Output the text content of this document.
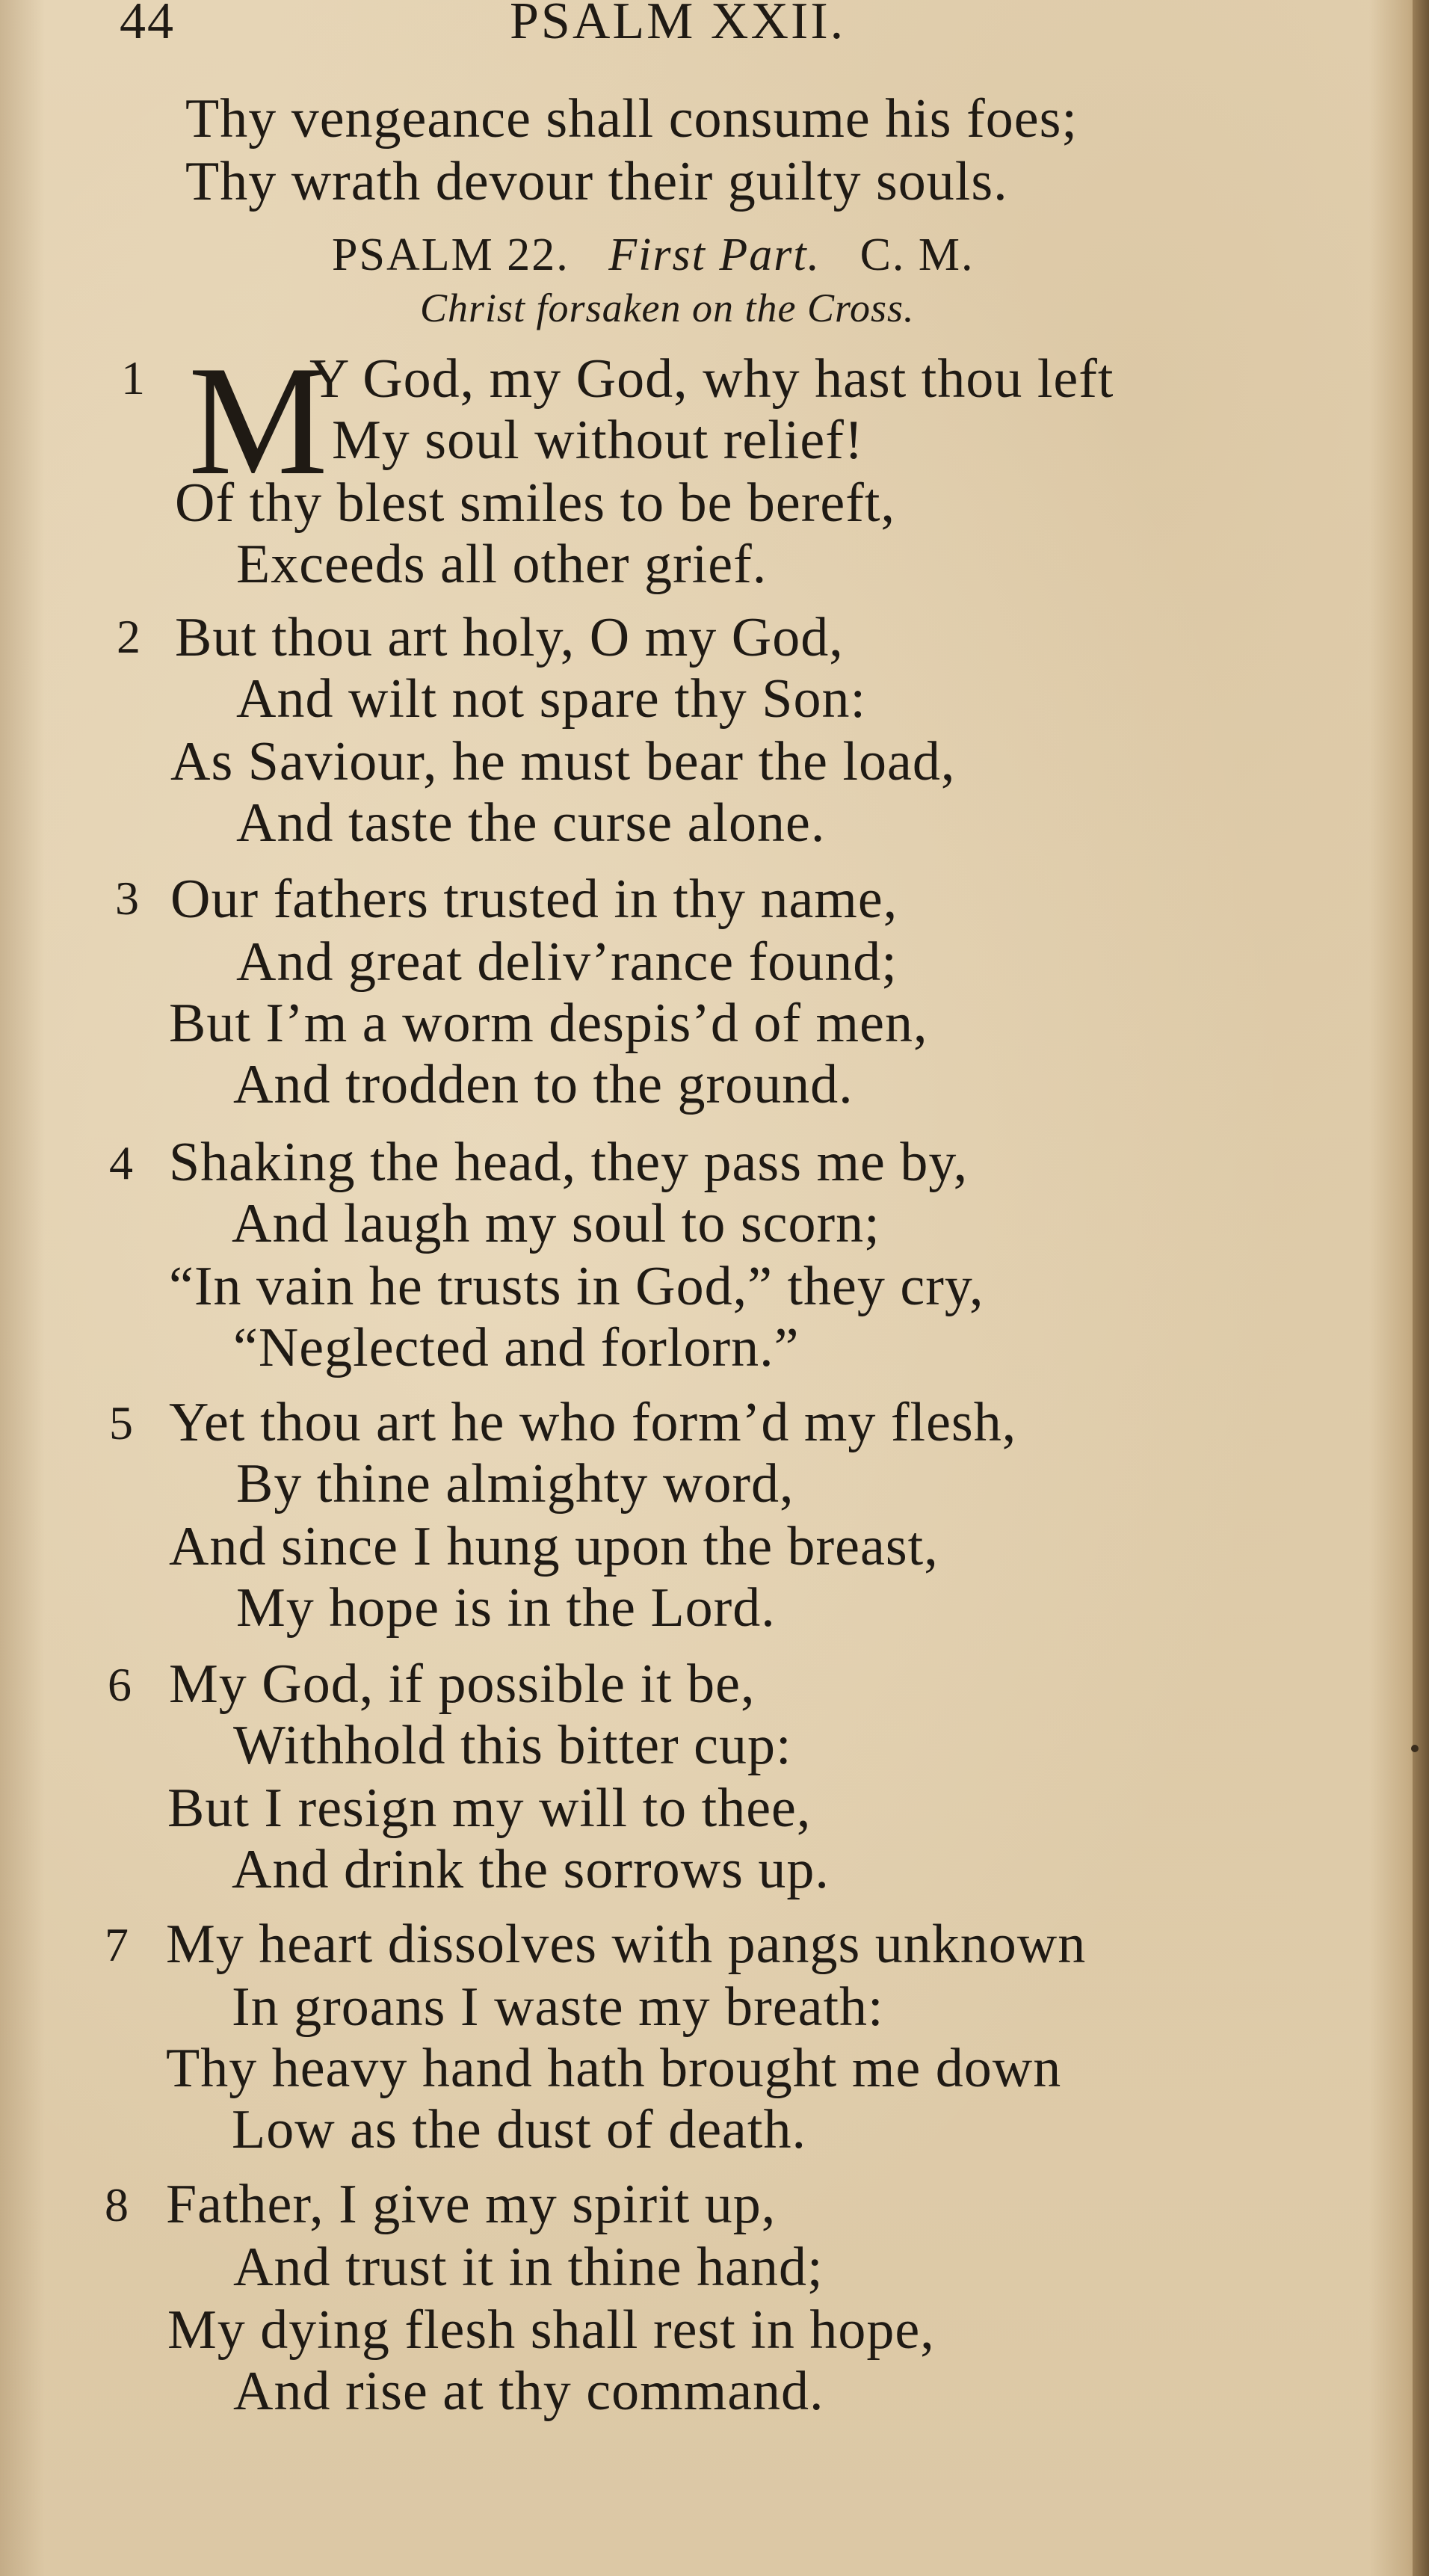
44	PSALM XXII.
Thy vengeance shall consume his foes;
Thy wrath devour their guilty souls.
PSALM 22. First Part. C. M.
Christ forsaken on the Cross.
1 M
Y God, my God, why hast thou left
My soul without relief!
Of thy blest smiles to be bereft,
Exceeds all other grief.
2 But thou art holy, O my God,
And wilt not spare thy Son:
As Saviour, he must bear the load,
And taste the curse alone.
3 Our fathers trusted in thy name,
And great deliv’rance found;
But I’m a worm despis’d of men,
And trodden to the ground.
4 Shaking the head, they pass me by,
And laugh my soul to scorn;
“In vain he trusts in God,” they cry,
“Neglected and forlorn.”
5 Yet thou art he who form’d my flesh,
By thine almighty word,
And since I hung upon the breast,
My hope is in the Lord.
6 My God, if possible it be,
Withhold this bitter cup:
But I resign my will to thee,
And drink the sorrows up.
7 My heart dissolves with pangs unknown
In groans I waste my breath:
Thy heavy hand hath brought me down
Low as the dust of death.
8 Father, I give my spirit up,
And trust it in thine hand;
My dying flesh shall rest in hope,
And rise at thy command.
